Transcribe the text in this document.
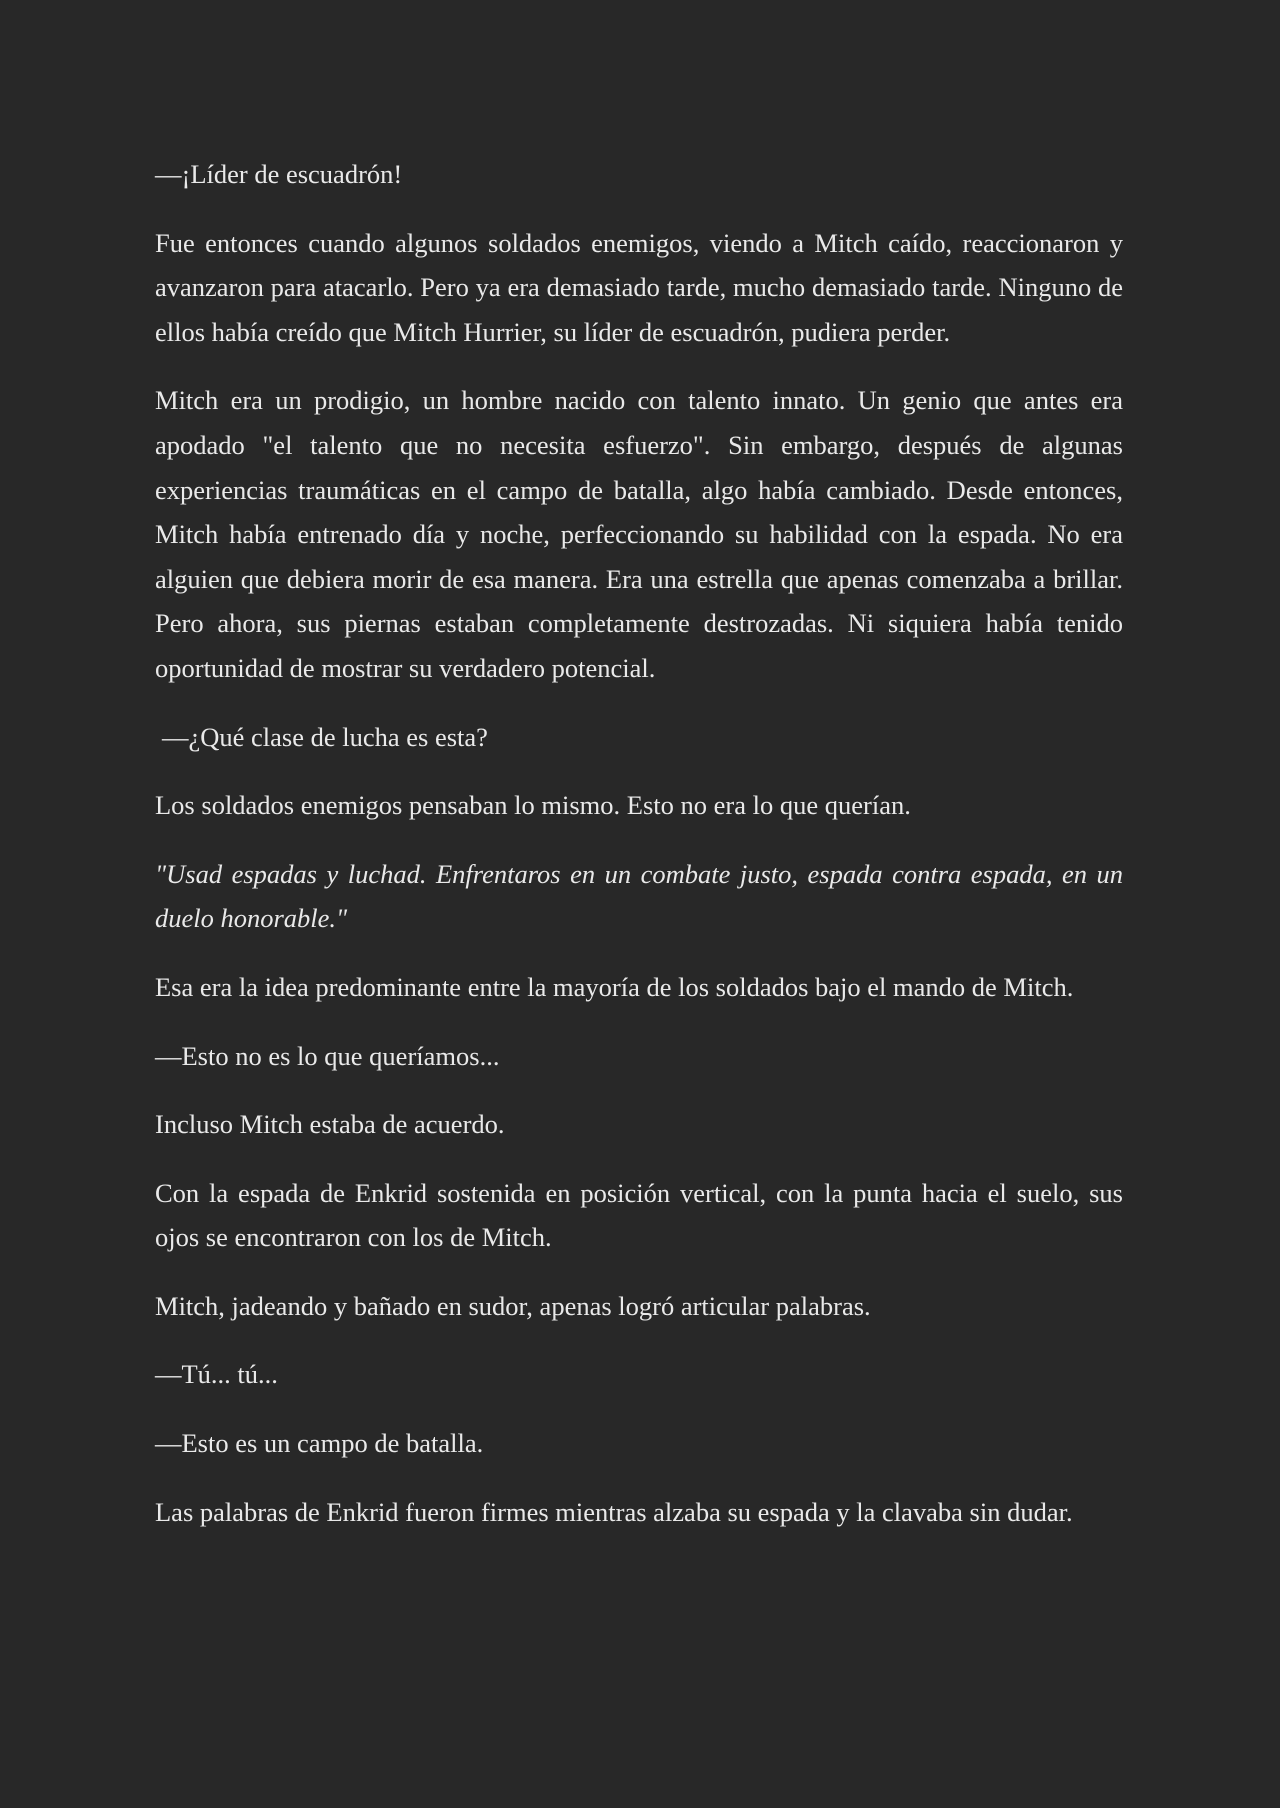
—¡Líder de escuadrón!

Fue entonces cuando algunos soldados enemigos, viendo a Mitch caído, reaccionaron y avanzaron para atacarlo. Pero ya era demasiado tarde, mucho demasiado tarde. Ninguno de ellos había creído que Mitch Hurrier, su líder de escuadrón, pudiera perder.

Mitch era un prodigio, un hombre nacido con talento innato. Un genio que antes era apodado "el talento que no necesita esfuerzo". Sin embargo, después de algunas experiencias traumáticas en el campo de batalla, algo había cambiado. Desde entonces, Mitch había entrenado día y noche, perfeccionando su habilidad con la espada. No era alguien que debiera morir de esa manera. Era una estrella que apenas comenzaba a brillar. Pero ahora, sus piernas estaban completamente destrozadas. Ni siquiera había tenido oportunidad de mostrar su verdadero potencial.

—¿Qué clase de lucha es esta?

Los soldados enemigos pensaban lo mismo. Esto no era lo que querían.

"Usad espadas y luchad. Enfrentaros en un combate justo, espada contra espada, en un duelo honorable."

Esa era la idea predominante entre la mayoría de los soldados bajo el mando de Mitch.

—Esto no es lo que queríamos...

Incluso Mitch estaba de acuerdo.

Con la espada de Enkrid sostenida en posición vertical, con la punta hacia el suelo, sus ojos se encontraron con los de Mitch.

Mitch, jadeando y bañado en sudor, apenas logró articular palabras.

—Tú... tú...

—Esto es un campo de batalla.

Las palabras de Enkrid fueron firmes mientras alzaba su espada y la clavaba sin dudar.
